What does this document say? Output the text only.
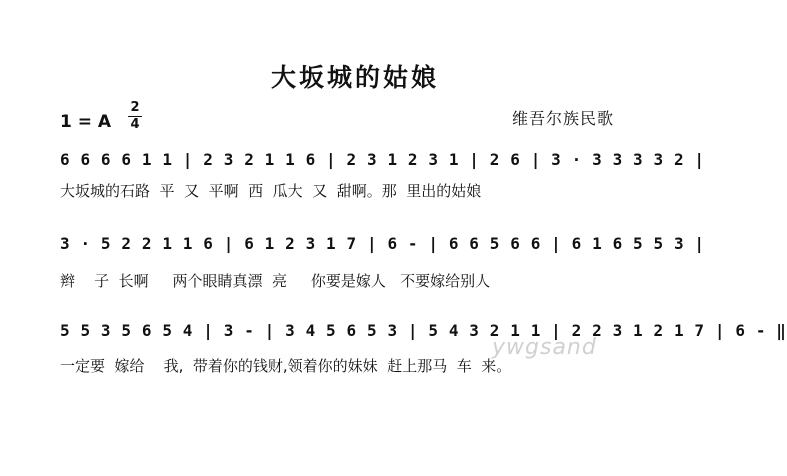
大坂城的姑娘
1 = A
2
4	维吾尔族民歌
6 6 6 6 1 1 | 2 3 2 1 1 6 | 2 3 1 2 3 1 | 2 6 | 3 · 3 3 3 3 2 |
大坂城的石路  平  又  平啊  西  瓜大  又  甜啊。那  里出的姑娘
3 · 5 2 2 1 1 6 | 6 1 2 3 1 7 | 6 - | 6 6 5 6 6 | 6 1 6 5 5 3 |
辫    子  长啊     两个眼睛真漂  亮     你要是嫁人   不要嫁给别人
5 5 3 5 6 5 4 | 3 - | 3 4 5 6 5 3 | 5 4 3 2 1 1 | 2 2 3 1 2 1 7 | 6 - ‖
一定要  嫁给    我,  带着你的钱财,领着你的妹妹  赶上那马  车  来。
ywgsand
